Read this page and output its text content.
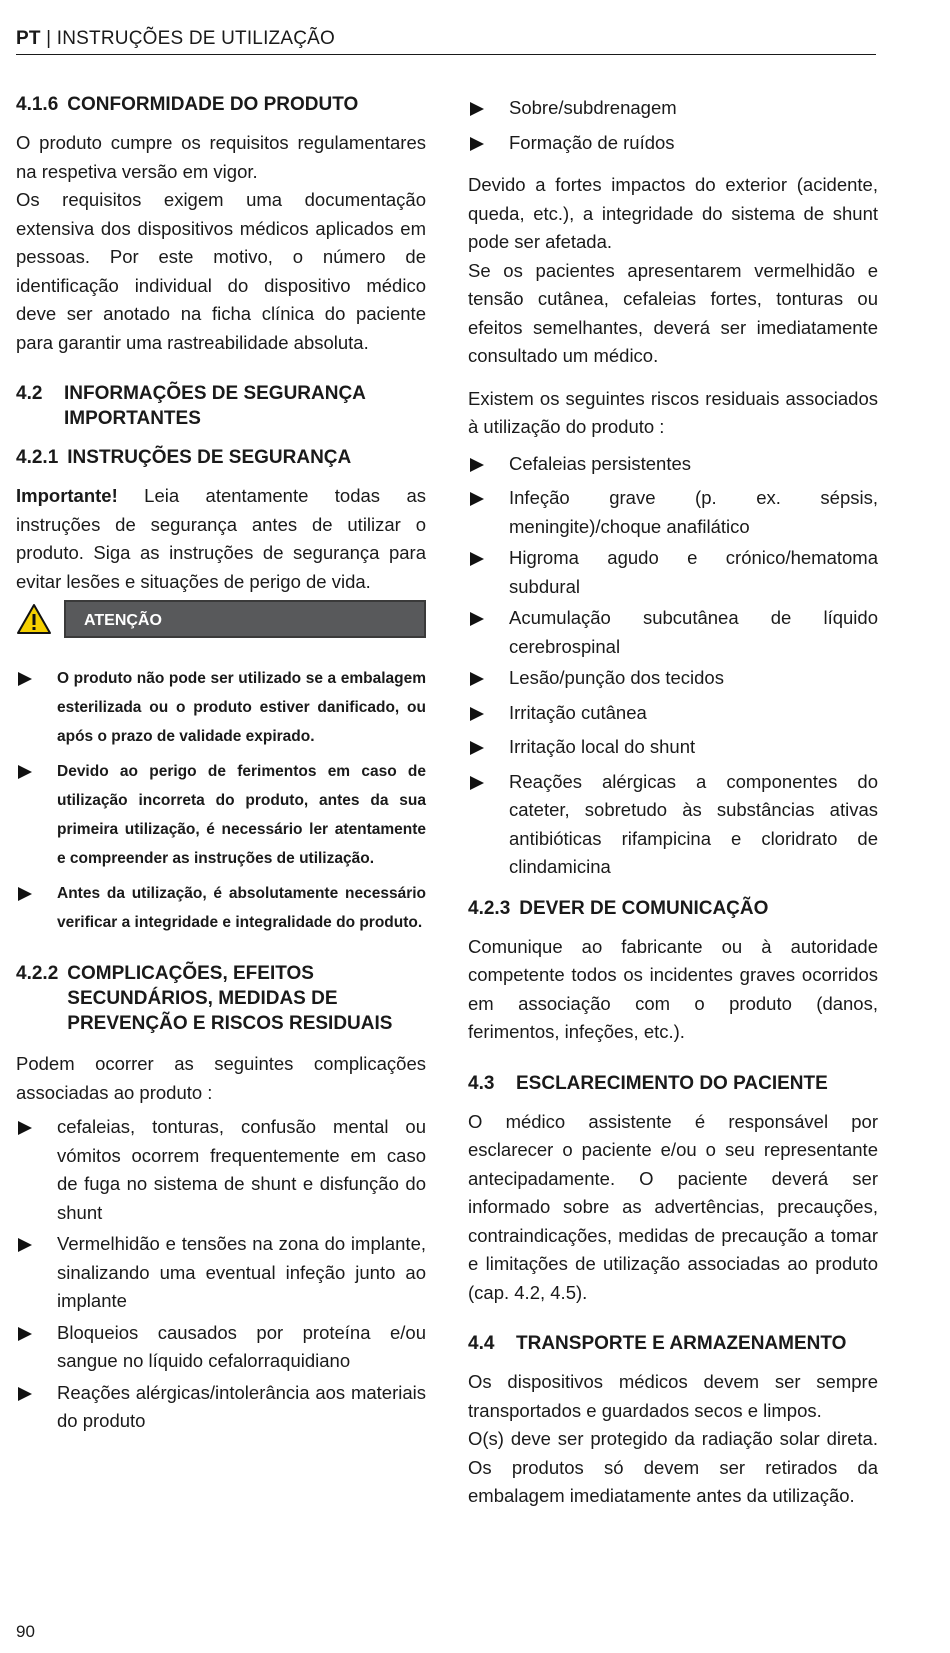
PT | INSTRUÇÕES DE UTILIZAÇÃO
4.1.6 CONFORMIDADE DO PRODUTO

O produto cumpre os requisitos regulamentares na respetiva versão em vigor.

Os requisitos exigem uma documentação extensiva dos dispositivos médicos aplicados em pessoas. Por este motivo, o número de identificação individual do dispositivo médico deve ser anotado na ficha clínica do paciente para garantir uma rastreabilidade absoluta.

4.2	INFORMAÇÕES DE SEGURANÇA IMPORTANTES
4.2.1 INSTRUÇÕES DE SEGURANÇA

Importante! Leia atentamente todas as instruções de segurança antes de utilizar o produto. Siga as instruções de segurança para evitar lesões e situações de perigo de vida.

ATENÇÃO
O produto não pode ser utilizado se a embalagem esterilizada ou o produto estiver danificado, ou após o prazo de validade expirado.
Devido ao perigo de ferimentos em caso de utilização incorreta do produto, antes da sua primeira utilização, é necessário ler atentamente e compreender as instruções de utilização.
Antes da utilização, é absolutamente necessário verificar a integridade e integralidade do produto.
4.2.2 COMPLICAÇÕES, EFEITOS SECUNDÁRIOS, MEDIDAS DE PREVENÇÃO E RISCOS RESIDUAIS

Podem ocorrer as seguintes complicações associadas ao produto :

cefaleias, tonturas, confusão mental ou vómitos ocorrem frequentemente em caso de fuga no sistema de shunt e disfunção do shunt
Vermelhidão e tensões na zona do implante, sinalizando uma eventual infeção junto ao implante
Bloqueios causados por proteína e/ou sangue no líquido cefalorraquidiano
Reações alérgicas/intolerância aos materiais do produto
Sobre/subdrenagem
Formação de ruídos

Devido a fortes impactos do exterior (acidente, queda, etc.), a integridade do sistema de shunt pode ser afetada.

Se os pacientes apresentarem vermelhidão e tensão cutânea, cefaleias fortes, tonturas ou efeitos semelhantes, deverá ser imediatamente consultado um médico.

Existem os seguintes riscos residuais associados à utilização do produto :

Cefaleias persistentes
Infeção grave (p. ex. sépsis, meningite)/choque anafilático
Higroma agudo e crónico/hematoma subdural
Acumulação subcutânea de líquido cerebrospinal
Lesão/punção dos tecidos
Irritação cutânea
Irritação local do shunt
Reações alérgicas a componentes do cateter, sobretudo às substâncias ativas antibióticas rifampicina e cloridrato de clindamicina
4.2.3 DEVER DE COMUNICAÇÃO

Comunique ao fabricante ou à autoridade competente todos os incidentes graves ocorridos em associação com o produto (danos, ferimentos, infeções, etc.).

4.3	ESCLARECIMENTO DO PACIENTE

O médico assistente é responsável por esclarecer o paciente e/ou o seu representante antecipadamente. O paciente deverá ser informado sobre as advertências, precauções, contraindicações, medidas de precaução a tomar e limitações de utilização associadas ao produto (cap. 4.2, 4.5).

4.4	TRANSPORTE E ARMAZENAMENTO

Os dispositivos médicos devem ser sempre transportados e guardados secos e limpos.

O(s) deve ser protegido da radiação solar direta. Os produtos só devem ser retirados da embalagem imediatamente antes da utilização.

90
